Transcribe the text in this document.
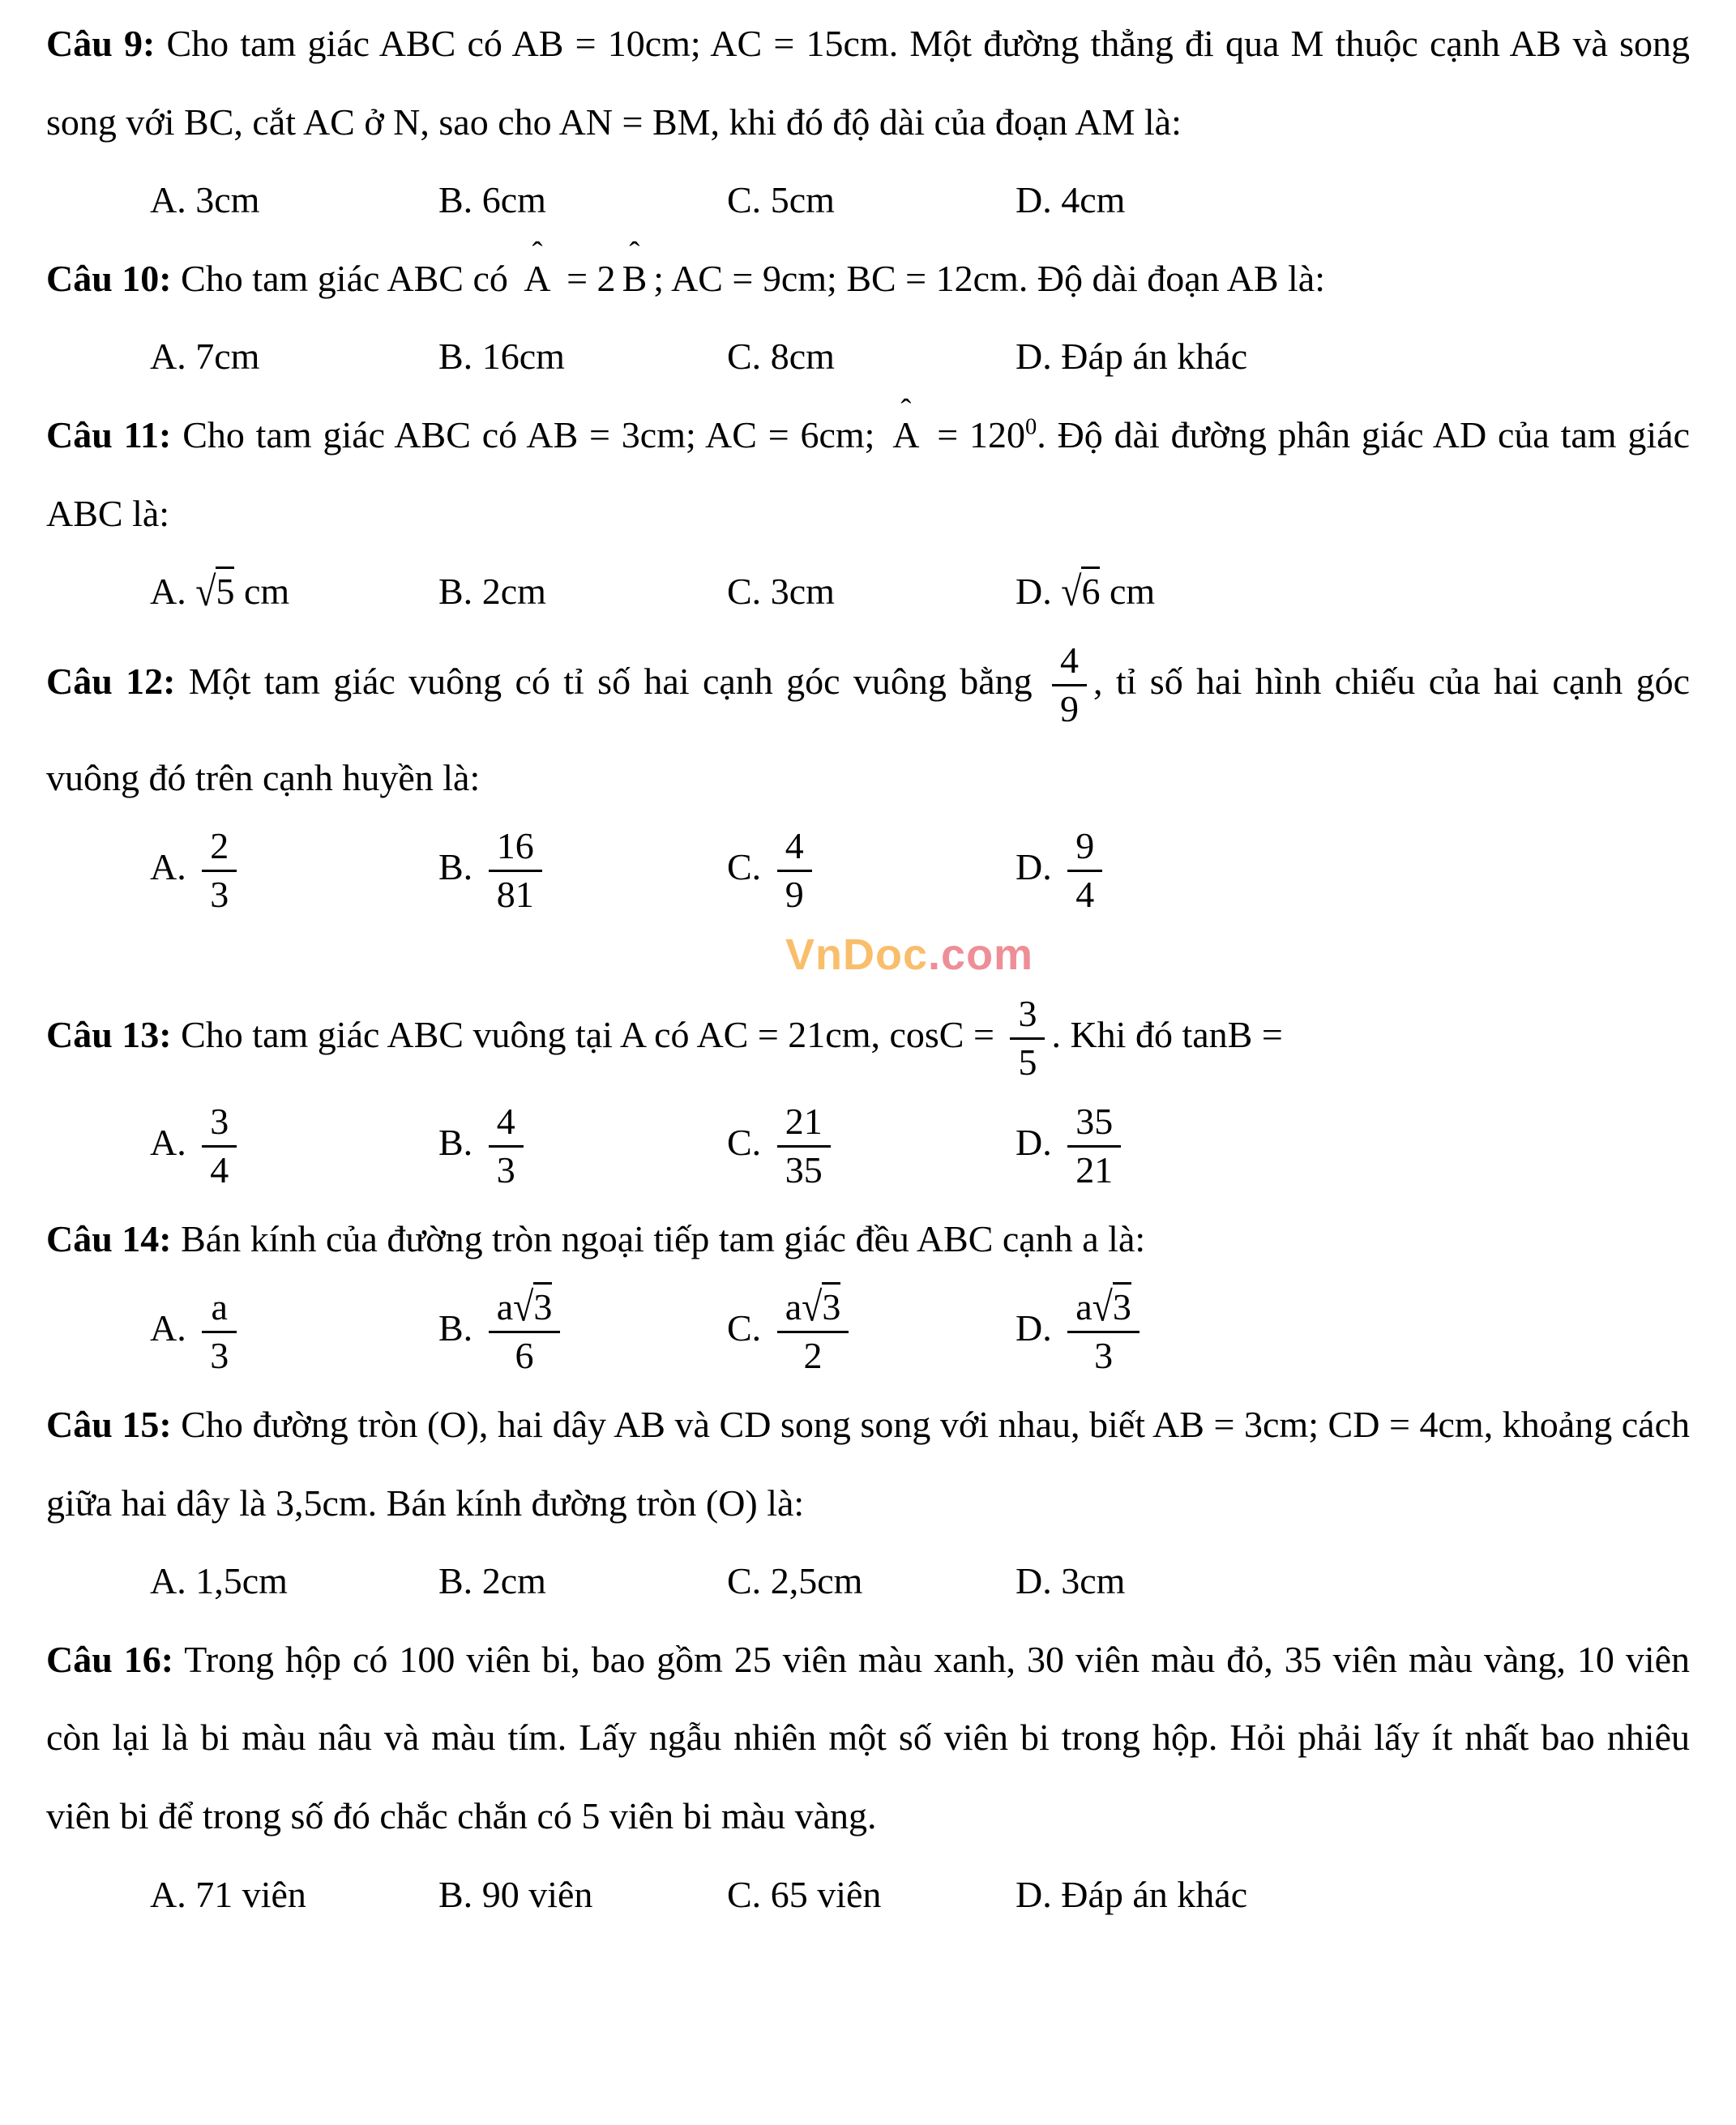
Câu 9: Cho tam giác ABC có AB = 10cm; AC = 15cm. Một đường thẳng đi qua M thuộc cạnh AB và song song với BC, cắt AC ở N, sao cho AN = BM, khi đó độ dài của đoạn AM là:

A. 3cm	B. 6cm	C. 5cm	D. 4cm

Câu 10: Cho tam giác ABC có ˆ A = 2 ˆ B ; AC = 9cm; BC = 12cm. Độ dài đoạn AB là:

A. 7cm	B. 16cm	C. 8cm	D. Đáp án khác

Câu 11: Cho tam giác ABC có AB = 3cm; AC = 6cm; ˆ $A = 120^0$. Độ dài đường phân giác AD của tam giác ABC là:

A. √5 cm	B. 2cm	C. 3cm	D. √6 cm

Câu 12: Một tam giác vuông có tỉ số hai cạnh góc vuông bằng $\frac{4}{9}$ , tỉ số hai hình chiếu của hai cạnh góc vuông đó trên cạnh huyền là:

A. $\frac{2}{3}$	B. $\frac{16}{81}$	C. $\frac{4}{9}$	D. $\frac{9}{4}$
VnDoc.com

Câu 13: Cho tam giác ABC vuông tại A có AC = 21cm, $\cos C = \frac{3}{5}$ . Khi đó tanB =

A. $\frac{3}{4}$	B. $\frac{4}{3}$	C. $\frac{21}{35}$	D. $\frac{35}{21}$

Câu 14: Bán kính của đường tròn ngoại tiếp tam giác đều ABC cạnh a là:

A. $\frac{a}{3}$	B. $\frac{a√3}{6}$	C. $\frac{a√3}{2}$	D. $\frac{a√3}{3}$

Câu 15: Cho đường tròn (O), hai dây AB và CD song song với nhau, biết AB = 3cm; CD = 4cm, khoảng cách giữa hai dây là 3,5cm. Bán kính đường tròn (O) là:

A. 1,5cm	B. 2cm	C. 2,5cm	D. 3cm

Câu 16: Trong hộp có 100 viên bi, bao gồm 25 viên màu xanh, 30 viên màu đỏ, 35 viên màu vàng, 10 viên còn lại là bi màu nâu và màu tím. Lấy ngẫu nhiên một số viên bi trong hộp. Hỏi phải lấy ít nhất bao nhiêu viên bi để trong số đó chắc chắn có 5 viên bi màu vàng.

A. 71 viên	B. 90 viên	C. 65 viên	D. Đáp án khác
